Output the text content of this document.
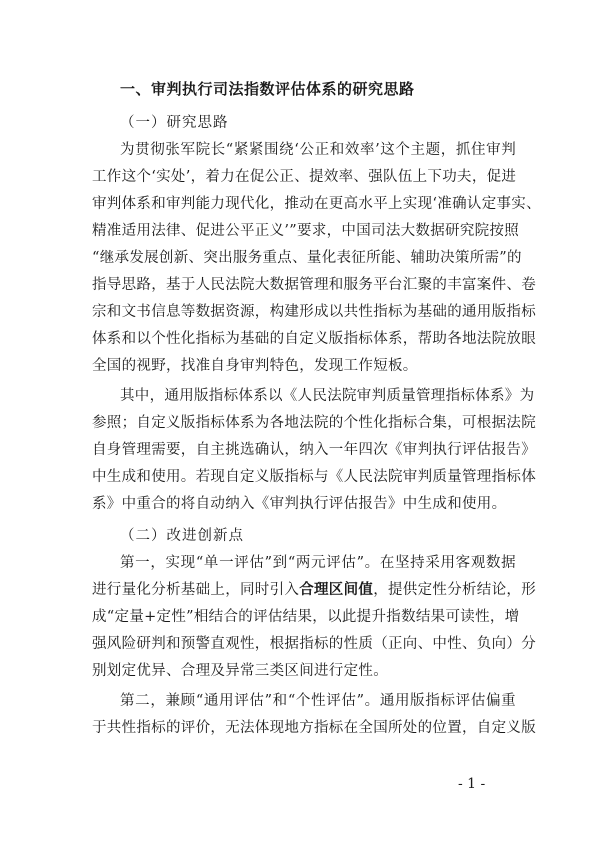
一、审判执行司法指数评估体系的研究思路
（一）研究思路
为贯彻张军院长“紧紧围绕‘公正和效率’这个主题，抓住审判
工作这个‘实处’，着力在促公正、提效率、强队伍上下功夫，促进
审判体系和审判能力现代化，推动在更高水平上实现‘准确认定事实、
精准适用法律、促进公平正义’”要求，中国司法大数据研究院按照
“继承发展创新、突出服务重点、量化表征所能、辅助决策所需”的
指导思路，基于人民法院大数据管理和服务平台汇聚的丰富案件、卷
宗和文书信息等数据资源，构建形成以共性指标为基础的通用版指标
体系和以个性化指标为基础的自定义版指标体系，帮助各地法院放眼
全国的视野，找准自身审判特色，发现工作短板。
其中，通用版指标体系以《人民法院审判质量管理指标体系》为
参照；自定义版指标体系为各地法院的个性化指标合集，可根据法院
自身管理需要，自主挑选确认，纳入一年四次《审判执行评估报告》
中生成和使用。若现自定义版指标与《人民法院审判质量管理指标体
系》中重合的将自动纳入《审判执行评估报告》中生成和使用。
（二）改进创新点
第一，实现“单一评估”到“两元评估”。在坚持采用客观数据
进行量化分析基础上，同时引入合理区间值，提供定性分析结论，形
成“定量+定性”相结合的评估结果，以此提升指数结果可读性，增
强风险研判和预警直观性，根据指标的性质（正向、中性、负向）分
别划定优异、合理及异常三类区间进行定性。
第二，兼顾“通用评估”和“个性评估”。通用版指标评估偏重
于共性指标的评价，无法体现地方指标在全国所处的位置，自定义版
- 1 -
